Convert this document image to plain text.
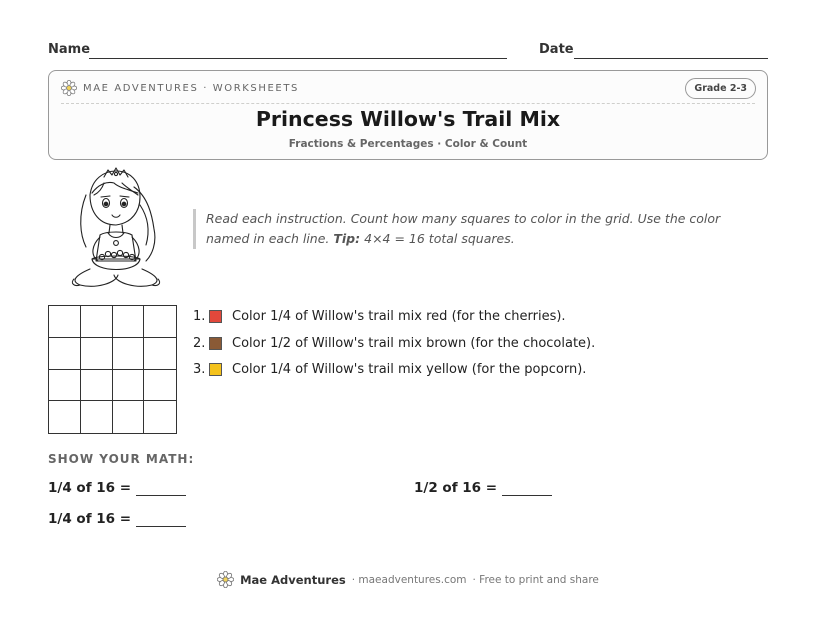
Name	Date
MAE ADVENTURES · WORKSHEETS	Grade 2-3
Princess Willow's Trail Mix
Fractions & Percentages · Color & Count
Read each instruction. Count how many squares to color in the grid. Use the color named in each line. Tip: 4×4 = 16 total squares.
1. Color 1/4 of Willow's trail mix red (for the cherries).
2. Color 1/2 of Willow's trail mix brown (for the chocolate).
3. Color 1/4 of Willow's trail mix yellow (for the popcorn).
SHOW YOUR MATH:
1/4 of 16 =	1/2 of 16 =
1/4 of 16 =
Mae Adventures · maeadventures.com · Free to print and share
